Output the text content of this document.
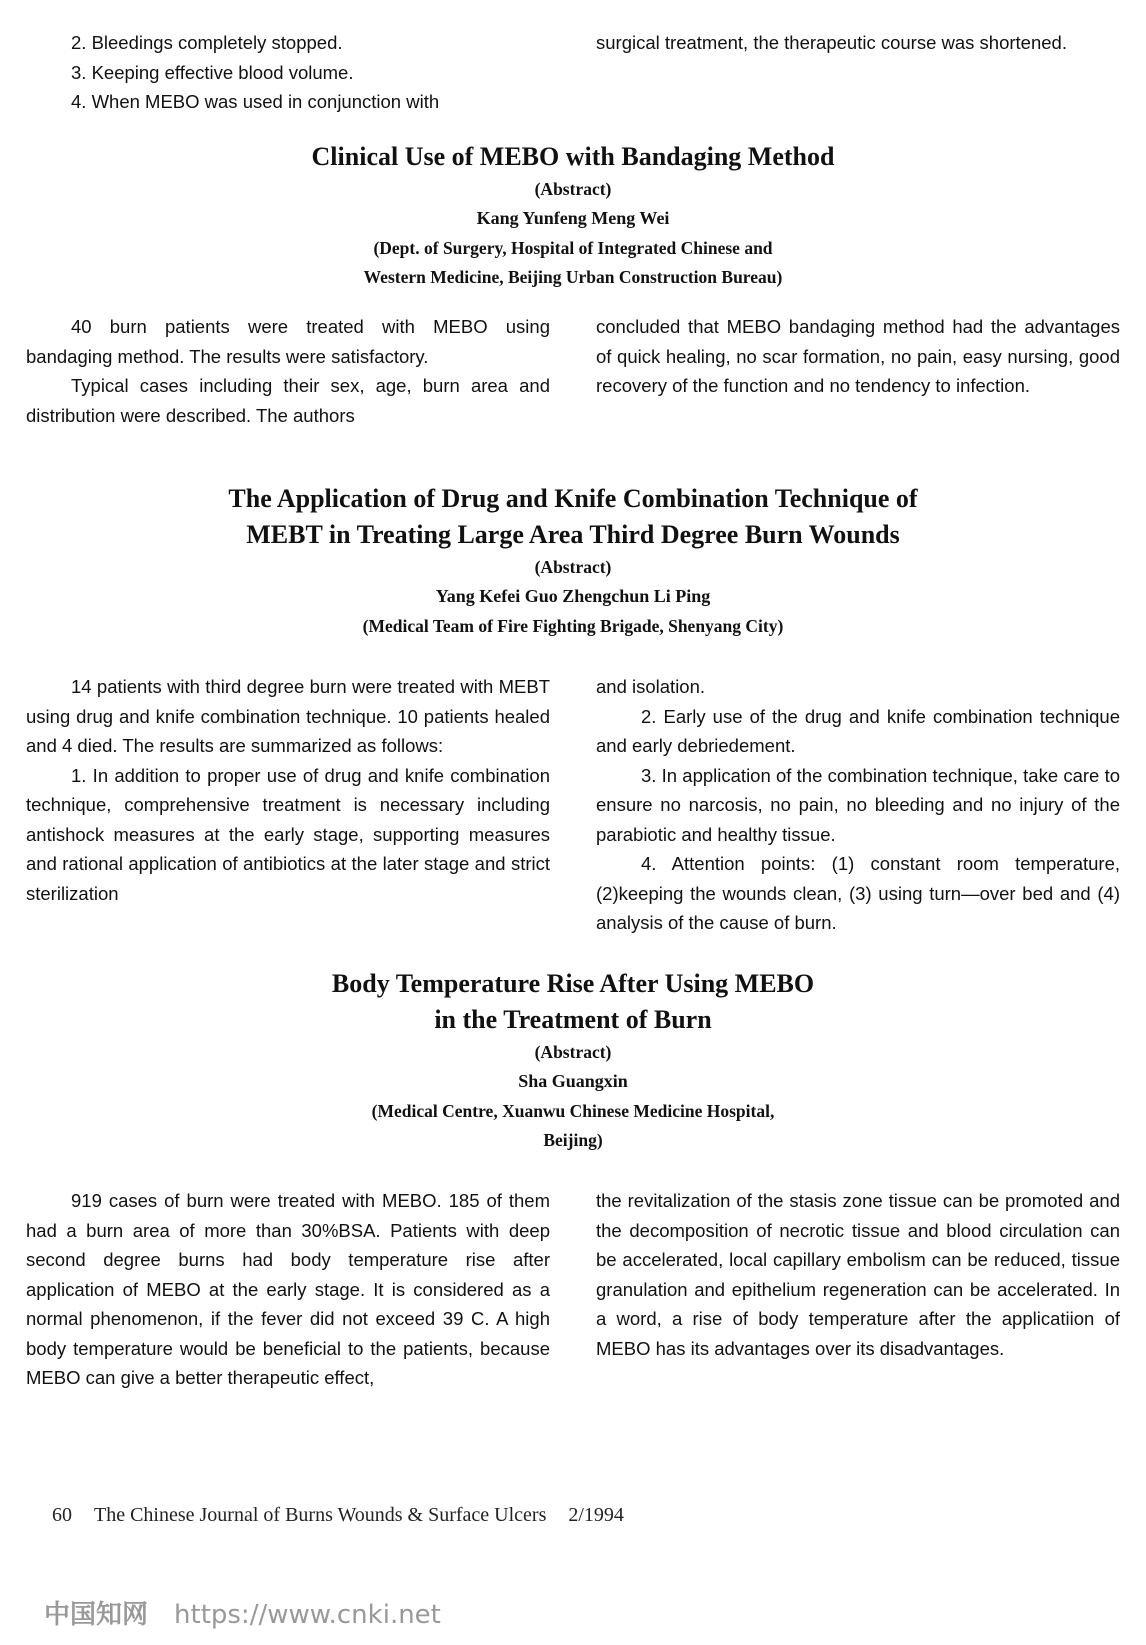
2. Bleedings completely stopped.

3. Keeping effective blood volume.

4. When MEBO was used in conjunction with

surgical treatment, the therapeutic course was shortened.

Clinical Use of MEBO with Bandaging Method
(Abstract)
Kang Yunfeng Meng Wei
(Dept. of Surgery, Hospital of Integrated Chinese and
Western Medicine, Beijing Urban Construction Bureau)

40 burn patients were treated with MEBO using bandaging method. The results were satisfactory.

Typical cases including their sex, age, burn area and distribution were described. The authors

concluded that MEBO bandaging method had the advantages of quick healing, no scar formation, no pain, easy nursing, good recovery of the function and no tendency to infection.

The Application of Drug and Knife Combination Technique of
MEBT in Treating Large Area Third Degree Burn Wounds
(Abstract)
Yang Kefei Guo Zhengchun Li Ping
(Medical Team of Fire Fighting Brigade, Shenyang City)

14 patients with third degree burn were treated with MEBT using drug and knife combination technique. 10 patients healed and 4 died. The results are summarized as follows:

1. In addition to proper use of drug and knife combination technique, comprehensive treatment is necessary including antishock measures at the early stage, supporting measures and rational application of antibiotics at the later stage and strict sterilization

and isolation.

2. Early use of the drug and knife combination technique and early debriedement.

3. In application of the combination technique, take care to ensure no narcosis, no pain, no bleeding and no injury of the parabiotic and healthy tissue.

4. Attention points: (1) constant room temperature, (2)keeping the wounds clean, (3) using turn—over bed and (4) analysis of the cause of burn.

Body Temperature Rise After Using MEBO
in the Treatment of Burn
(Abstract)
Sha Guangxin
(Medical Centre, Xuanwu Chinese Medicine Hospital,
Beijing)

919 cases of burn were treated with MEBO. 185 of them had a burn area of more than 30%BSA. Patients with deep second degree burns had body temperature rise after application of MEBO at the early stage. It is considered as a normal phenomenon, if the fever did not exceed 39 C. A high body temperature would be beneficial to the patients, because MEBO can give a better therapeutic effect,

the revitalization of the stasis zone tissue can be promoted and the decomposition of necrotic tissue and blood circulation can be accelerated, local capillary embolism can be reduced, tissue granulation and epithelium regeneration can be accelerated. In a word, a rise of body temperature after the applicatiion of MEBO has its advantages over its disadvantages.

60 The Chinese Journal of Burns Wounds & Surface Ulcers 2/1994
中国知网 https://www.cnki.net
